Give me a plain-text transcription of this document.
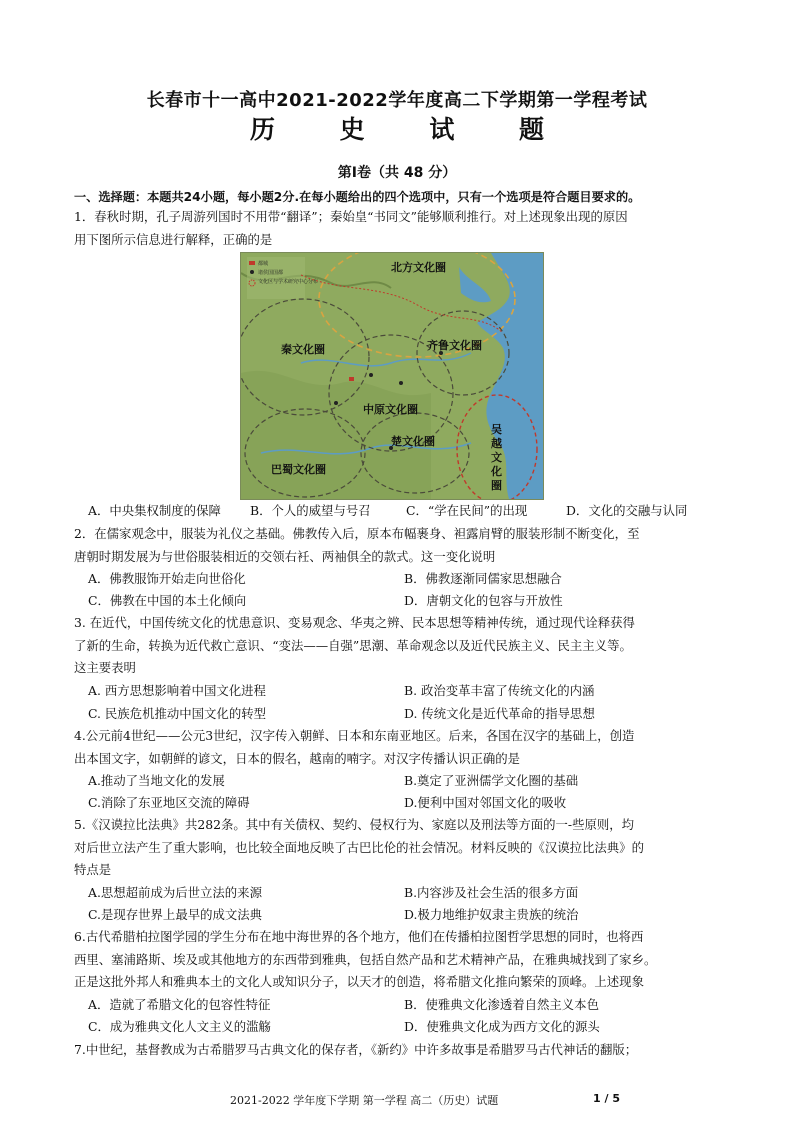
长春市十一高中2021-2022学年度高二下学期第一学程考试
历 史 试 题
第Ⅰ卷（共 48 分）
一、选择题：本题共24小题，每小题2分.在每小题给出的四个选项中，只有一个选项是符合题目要求的。
1．春秋时期，孔子周游列国时不用带“翻译”；秦始皇“书同文”能够顺利推行。对上述现象出现的原因
用下图所示信息进行解释，正确的是
都城
诸侯国国都
文化区与学术研究中心分布
北方文化圈
秦文化圈	齐鲁文化圈
中原文化圈
楚文化圈
巴蜀文化圈
吴 越 文 化 圈
A．中央集权制度的保障 B．个人的威望与号召	C．“学在民间”的出现	D．文化的交融与认同
2．在儒家观念中，服装为礼仪之基础。佛教传入后，原本布幅裹身、袒露肩臂的服装形制不断变化，至
唐朝时期发展为与世俗服装相近的交领右衽、两袖俱全的款式。这一变化说明
A．佛教服饰开始走向世俗化	B．佛教逐渐同儒家思想融合
C．佛教在中国的本土化倾向	D．唐朝文化的包容与开放性
3. 在近代，中国传统文化的忧患意识、变易观念、华夷之辨、民本思想等精神传统，通过现代诠释获得
了新的生命，转换为近代救亡意识、“变法——自强”思潮、革命观念以及近代民族主义、民主主义等。
这主要表明
A. 西方思想影响着中国文化进程	B. 政治变革丰富了传统文化的内涵
C. 民族危机推动中国文化的转型	D. 传统文化是近代革命的指导思想
4.公元前4世纪——公元3世纪，汉字传入朝鲜、日本和东南亚地区。后来，各国在汉字的基础上，创造
出本国文字，如朝鲜的谚文，日本的假名，越南的喃字。对汉字传播认识正确的是
A.推动了当地文化的发展	B.奠定了亚洲儒学文化圈的基础
C.消除了东亚地区交流的障碍	D.便利中国对邻国文化的吸收
5.《汉谟拉比法典》共282条。其中有关债权、契约、侵权行为、家庭以及刑法等方面的一-些原则，均
对后世立法产生了重大影响，也比较全面地反映了古巴比伦的社会情况。材料反映的《汉谟拉比法典》的
特点是
A.思想超前成为后世立法的来源	B.内容涉及社会生活的很多方面
C.是现存世界上最早的成文法典	D.极力地维护奴隶主贵族的统治
6.古代希腊柏拉图学园的学生分布在地中海世界的各个地方，他们在传播柏拉图哲学思想的同时，也将西
西里、塞浦路斯、埃及或其他地方的东西带到雅典，包括自然产品和艺术精神产品，在雅典城找到了家乡。
正是这批外邦人和雅典本土的文化人或知识分子，以天才的创造，将希腊文化推向繁荣的顶峰。上述现象
A．造就了希腊文化的包容性特征	B．使雅典文化渗透着自然主义本色
C．成为雅典文化人文主义的滥觞	D．使雅典文化成为西方文化的源头
7.中世纪，基督教成为古希腊罗马古典文化的保存者，《新约》中许多故事是希腊罗马古代神话的翻版；
2021-2022 学年度下学期 第一学程 高二（历史）试题	1 / 5
